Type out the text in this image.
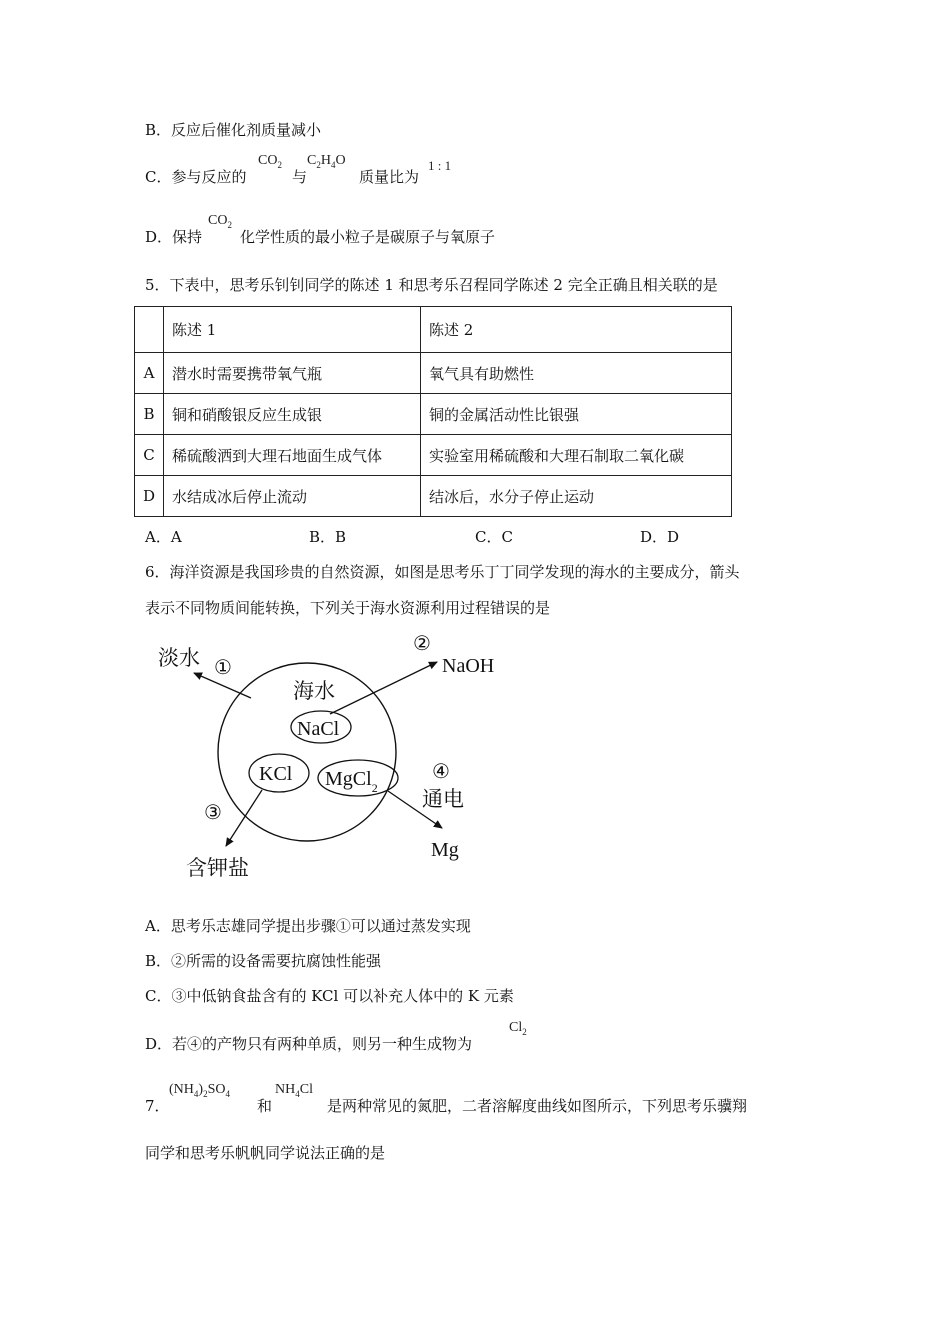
B．反应后催化剂质量减小
C．参与反应的
$CO_2$
与
$C_2H_4O$
质量比为
1 : 1
D．保持
$CO_2$
化学性质的最小粒子是碳原子与氧原子
5．下表中，思考乐钊钊同学的陈述 1 和思考乐召程同学陈述 2 完全正确且相关联的是
	陈述 1	陈述 2
A	潜水时需要携带氧气瓶	氧气具有助燃性
B	铜和硝酸银反应生成银	铜的金属活动性比银强
C	稀硫酸洒到大理石地面生成气体	实验室用稀硫酸和大理石制取二氧化碳
D	水结成冰后停止流动	结冰后，水分子停止运动
A．A	B．B	C．C	D．D
6．海洋资源是我国珍贵的自然资源，如图是思考乐丁丁同学发现的海水的主要成分，箭头
表示不同物质间能转换，下列关于海水资源利用过程错误的是
淡水 ①
②
NaOH
海水
NaCl
KCl MgCl$_2$
④
通电
③
含钾盐
Mg
A．思考乐志雄同学提出步骤①可以通过蒸发实现
B．②所需的设备需要抗腐蚀性能强
C．③中低钠食盐含有的 KCl 可以补充人体中的 K 元素
D．若④的产物只有两种单质，则另一种生成物为
$Cl_2$
7．
$(NH_4)_2SO_4$
和
$NH_4Cl$
是两种常见的氮肥，二者溶解度曲线如图所示，下列思考乐骥翔
同学和思考乐帆帆同学说法正确的是
